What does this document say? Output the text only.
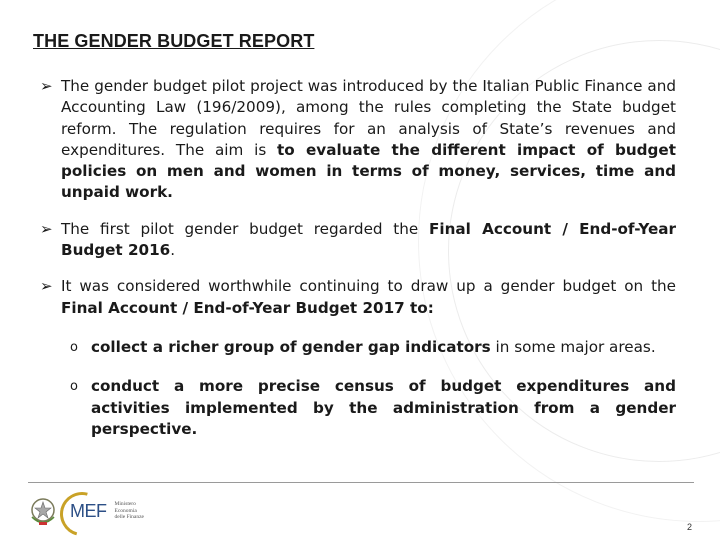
THE GENDER BUDGET REPORT
➢ The gender budget pilot project was introduced by the Italian Public Finance and Accounting Law (196/2009), among the rules completing the State budget reform. The regulation requires for an analysis of State’s revenues and expenditures. The aim is to evaluate the different impact of budget policies on men and women in terms of money, services, time and unpaid work.
➢ The first pilot gender budget regarded the Final Account / End-of-Year Budget 2016.
➢ It was considered worthwhile continuing to draw up a gender budget on the Final Account / End-of-Year Budget 2017 to:
o collect a richer group of gender gap indicators in some major areas.
o conduct a more precise census of budget expenditures and activities implemented by the administration from a gender perspective.
MEF Ministero
Economia
delle Finanze
2
